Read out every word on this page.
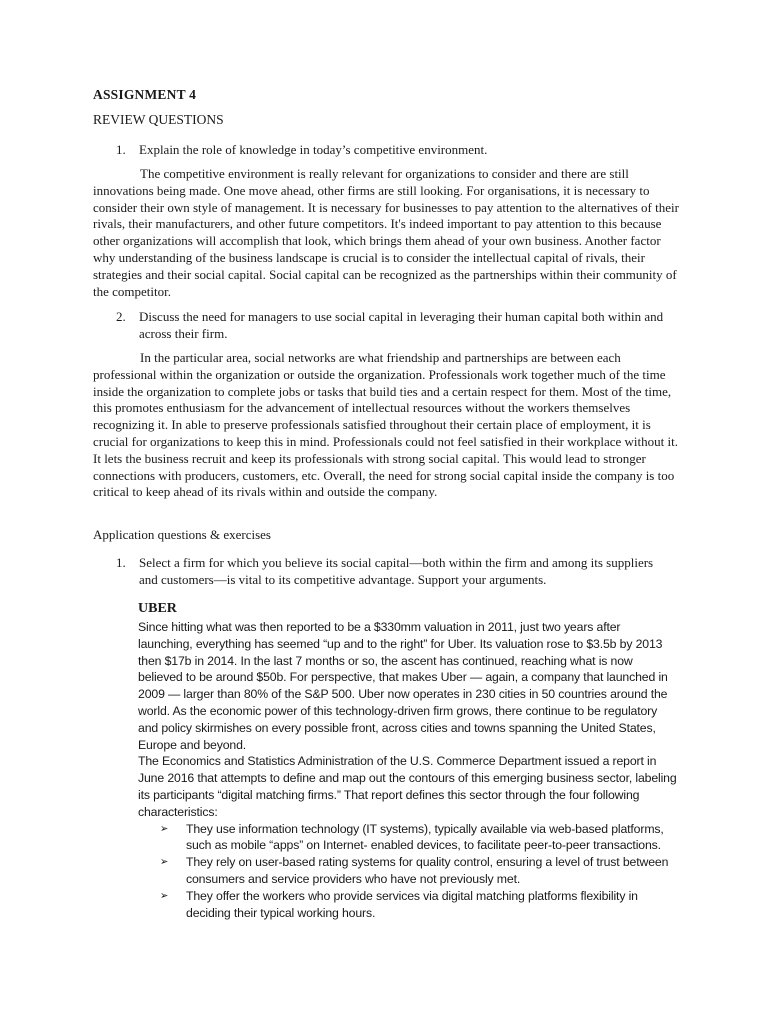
ASSIGNMENT 4
REVIEW QUESTIONS
1. Explain the role of knowledge in today’s competitive environment.
The competitive environment is really relevant for organizations to consider and there are still innovations being made. One move ahead, other firms are still looking. For organisations, it is necessary to consider their own style of management. It is necessary for businesses to pay attention to the alternatives of their rivals, their manufacturers, and other future competitors. It's indeed important to pay attention to this because other organizations will accomplish that look, which brings them ahead of your own business. Another factor why understanding of the business landscape is crucial is to consider the intellectual capital of rivals, their strategies and their social capital. Social capital can be recognized as the partnerships within their community of the competitor.
2. Discuss the need for managers to use social capital in leveraging their human capital both within and across their firm.
In the particular area, social networks are what friendship and partnerships are between each professional within the organization or outside the organization. Professionals work together much of the time inside the organization to complete jobs or tasks that build ties and a certain respect for them. Most of the time, this promotes enthusiasm for the advancement of intellectual resources without the workers themselves recognizing it. In able to preserve professionals satisfied throughout their certain place of employment, it is crucial for organizations to keep this in mind. Professionals could not feel satisfied in their workplace without it. It lets the business recruit and keep its professionals with strong social capital. This would lead to stronger connections with producers, customers, etc. Overall, the need for strong social capital inside the company is too critical to keep ahead of its rivals within and outside the company.
Application questions & exercises
1. Select a firm for which you believe its social capital—both within the firm and among its suppliers and customers—is vital to its competitive advantage. Support your arguments.
UBER

Since hitting what was then reported to be a $330mm valuation in 2011, just two years after launching, everything has seemed “up and to the right” for Uber. Its valuation rose to $3.5b by 2013 then $17b in 2014. In the last 7 months or so, the ascent has continued, reaching what is now believed to be around $50b. For perspective, that makes Uber — again, a company that launched in 2009 — larger than 80% of the S&P 500. Uber now operates in 230 cities in 50 countries around the world. As the economic power of this technology-driven firm grows, there continue to be regulatory and policy skirmishes on every possible front, across cities and towns spanning the United States, Europe and beyond.

The Economics and Statistics Administration of the U.S. Commerce Department issued a report in June 2016 that attempts to define and map out the contours of this emerging business sector, labeling its participants “digital matching firms.” That report defines this sector through the four following characteristics:

➢ They use information technology (IT systems), typically available via web-based platforms, such as mobile “apps” on Internet- enabled devices, to facilitate peer-to-peer transactions.
➢ They rely on user-based rating systems for quality control, ensuring a level of trust between consumers and service providers who have not previously met.
➢ They offer the workers who provide services via digital matching platforms flexibility in deciding their typical working hours.
